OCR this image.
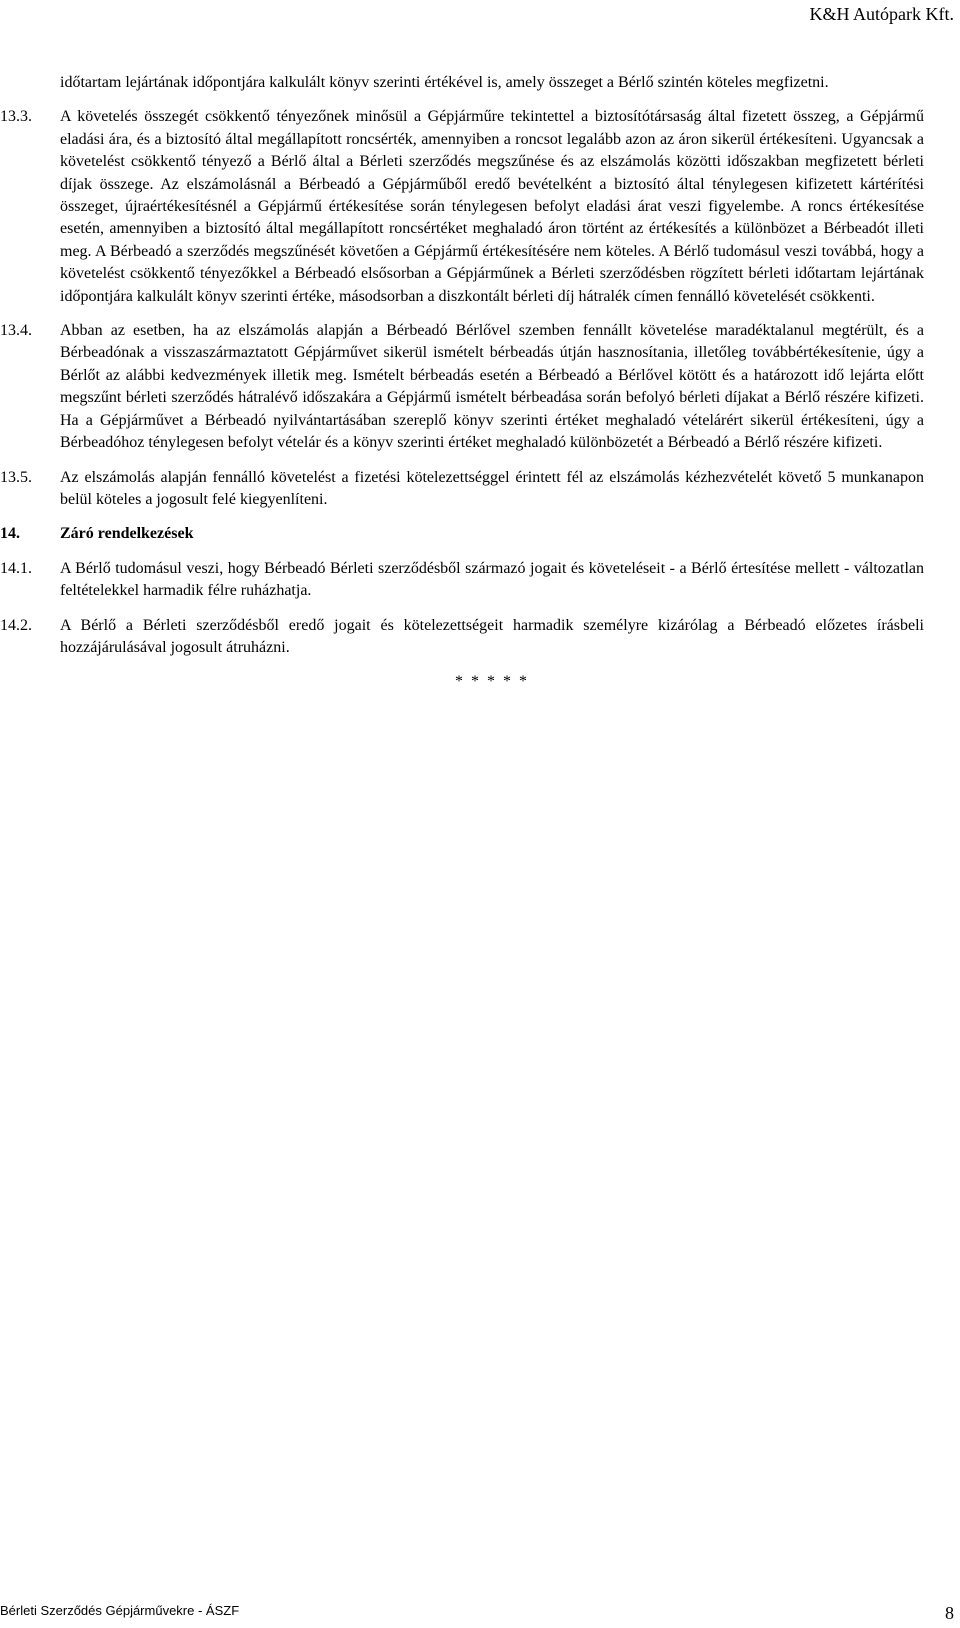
K&H Autópark Kft.

időtartam lejártának időpontjára kalkulált könyv szerinti értékével is, amely összeget a Bérlő szintén köteles megfizetni.

13.3.	A követelés összegét csökkentő tényezőnek minősül a Gépjárműre tekintettel a biztosítótársaság által fizetett összeg, a Gépjármű eladási ára, és a biztosító által megállapított roncsérték, amennyiben a roncsot legalább azon az áron sikerül értékesíteni. Ugyancsak a követelést csökkentő tényező a Bérlő által a Bérleti szerződés megszűnése és az elszámolás közötti időszakban megfizetett bérleti díjak összege. Az elszámolásnál a Bérbeadó a Gépjárműből eredő bevételként a biztosító által ténylegesen kifizetett kártérítési összeget, újraértékesítésnél a Gépjármű értékesítése során ténylegesen befolyt eladási árat veszi figyelembe. A roncs értékesítése esetén, amennyiben a biztosító által megállapított roncsértéket meghaladó áron történt az értékesítés a különbözet a Bérbeadót illeti meg. A Bérbeadó a szerződés megszűnését követően a Gépjármű értékesítésére nem köteles. A Bérlő tudomásul veszi továbbá, hogy a követelést csökkentő tényezőkkel a Bérbeadó elsősorban a Gépjárműnek a Bérleti szerződésben rögzített bérleti időtartam lejártának időpontjára kalkulált könyv szerinti értéke, másodsorban a diszkontált bérleti díj hátralék címen fennálló követelését csökkenti.
13.4.	Abban az esetben, ha az elszámolás alapján a Bérbeadó Bérlővel szemben fennállt követelése maradéktalanul megtérült, és a Bérbeadónak a visszaszármaztatott Gépjárművet sikerül ismételt bérbeadás útján hasznosítania, illetőleg továbbértékesítenie, úgy a Bérlőt az alábbi kedvezmények illetik meg. Ismételt bérbeadás esetén a Bérbeadó a Bérlővel kötött és a határozott idő lejárta előtt megszűnt bérleti szerződés hátralévő időszakára a Gépjármű ismételt bérbeadása során befolyó bérleti díjakat a Bérlő részére kifizeti. Ha a Gépjárművet a Bérbeadó nyilvántartásában szereplő könyv szerinti értéket meghaladó vételárért sikerül értékesíteni, úgy a Bérbeadóhoz ténylegesen befolyt vételár és a könyv szerinti értéket meghaladó különbözetét a Bérbeadó a Bérlő részére kifizeti.
13.5.	Az elszámolás alapján fennálló követelést a fizetési kötelezettséggel érintett fél az elszámolás kézhezvételét követő 5 munkanapon belül köteles a jogosult felé kiegyenlíteni.
14.	Záró rendelkezések
14.1.	A Bérlő tudomásul veszi, hogy Bérbeadó Bérleti szerződésből származó jogait és követeléseit - a Bérlő értesítése mellett - változatlan feltételekkel harmadik félre ruházhatja.
14.2.	A Bérlő a Bérleti szerződésből eredő jogait és kötelezettségeit harmadik személyre kizárólag a Bérbeadó előzetes írásbeli hozzájárulásával jogosult átruházni.
* * * * *
Bérleti Szerződés Gépjárművekre - ÁSZF	8
